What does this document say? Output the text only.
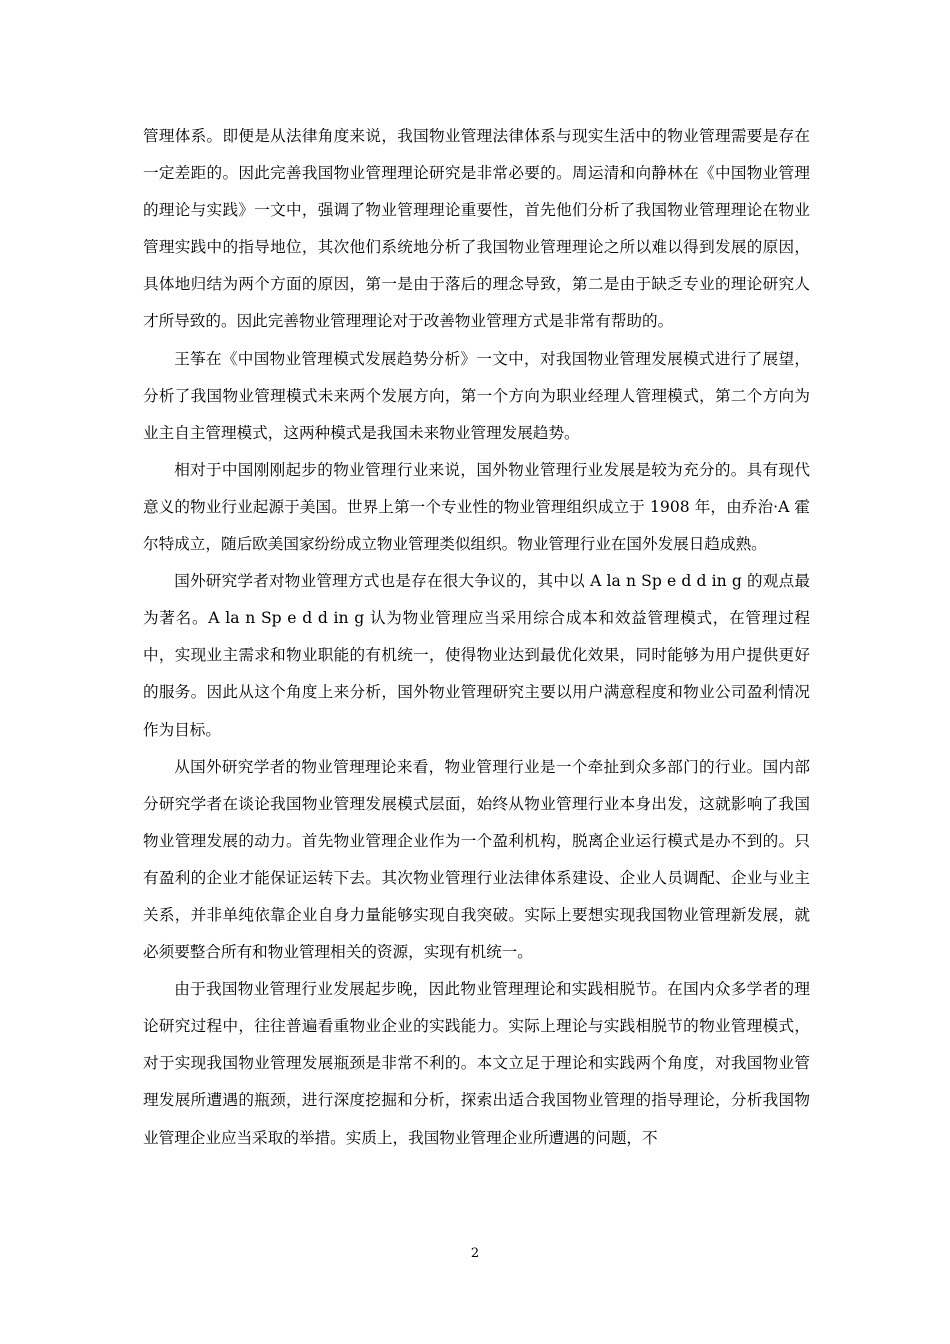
管理体系。即便是从法律角度来说，我国物业管理法律体系与现实生活中的物业管理需要是存在一定差距的。因此完善我国物业管理理论研究是非常必要的。周运清和向静林在《中国物业管理的理论与实践》一文中，强调了物业管理理论重要性，首先他们分析了我国物业管理理论在物业管理实践中的指导地位，其次他们系统地分析了我国物业管理理论之所以难以得到发展的原因，具体地归结为两个方面的原因，第一是由于落后的理念导致，第二是由于缺乏专业的理论研究人才所导致的。因此完善物业管理理论对于改善物业管理方式是非常有帮助的。

王筝在《中国物业管理模式发展趋势分析》一文中，对我国物业管理发展模式进行了展望，分析了我国物业管理模式未来两个发展方向，第一个方向为职业经理人管理模式，第二个方向为业主自主管理模式，这两种模式是我国未来物业管理发展趋势。

相对于中国刚刚起步的物业管理行业来说，国外物业管理行业发展是较为充分的。具有现代意义的物业行业起源于美国。世界上第一个专业性的物业管理组织成立于 1908 年，由乔治·A 霍尔特成立，随后欧美国家纷纷成立物业管理类似组织。物业管理行业在国外发展日趋成熟。

国外研究学者对物业管理方式也是存在很大争议的，其中以 A la n Sp e d d in g 的观点最为著名。A la n Sp e d d in g 认为物业管理应当采用综合成本和效益管理模式，在管理过程中，实现业主需求和物业职能的有机统一，使得物业达到最优化效果，同时能够为用户提供更好的服务。因此从这个角度上来分析，国外物业管理研究主要以用户满意程度和物业公司盈利情况作为目标。

从国外研究学者的物业管理理论来看，物业管理行业是一个牵扯到众多部门的行业。国内部分研究学者在谈论我国物业管理发展模式层面，始终从物业管理行业本身出发，这就影响了我国物业管理发展的动力。首先物业管理企业作为一个盈利机构，脱离企业运行模式是办不到的。只有盈利的企业才能保证运转下去。其次物业管理行业法律体系建设、企业人员调配、企业与业主关系，并非单纯依靠企业自身力量能够实现自我突破。实际上要想实现我国物业管理新发展，就必须要整合所有和物业管理相关的资源，实现有机统一。

由于我国物业管理行业发展起步晚，因此物业管理理论和实践相脱节。在国内众多学者的理论研究过程中，往往普遍看重物业企业的实践能力。实际上理论与实践相脱节的物业管理模式，对于实现我国物业管理发展瓶颈是非常不利的。本文立足于理论和实践两个角度，对我国物业管理发展所遭遇的瓶颈，进行深度挖掘和分析，探索出适合我国物业管理的指导理论，分析我国物业管理企业应当采取的举措。实质上，我国物业管理企业所遭遇的问题，不

2
